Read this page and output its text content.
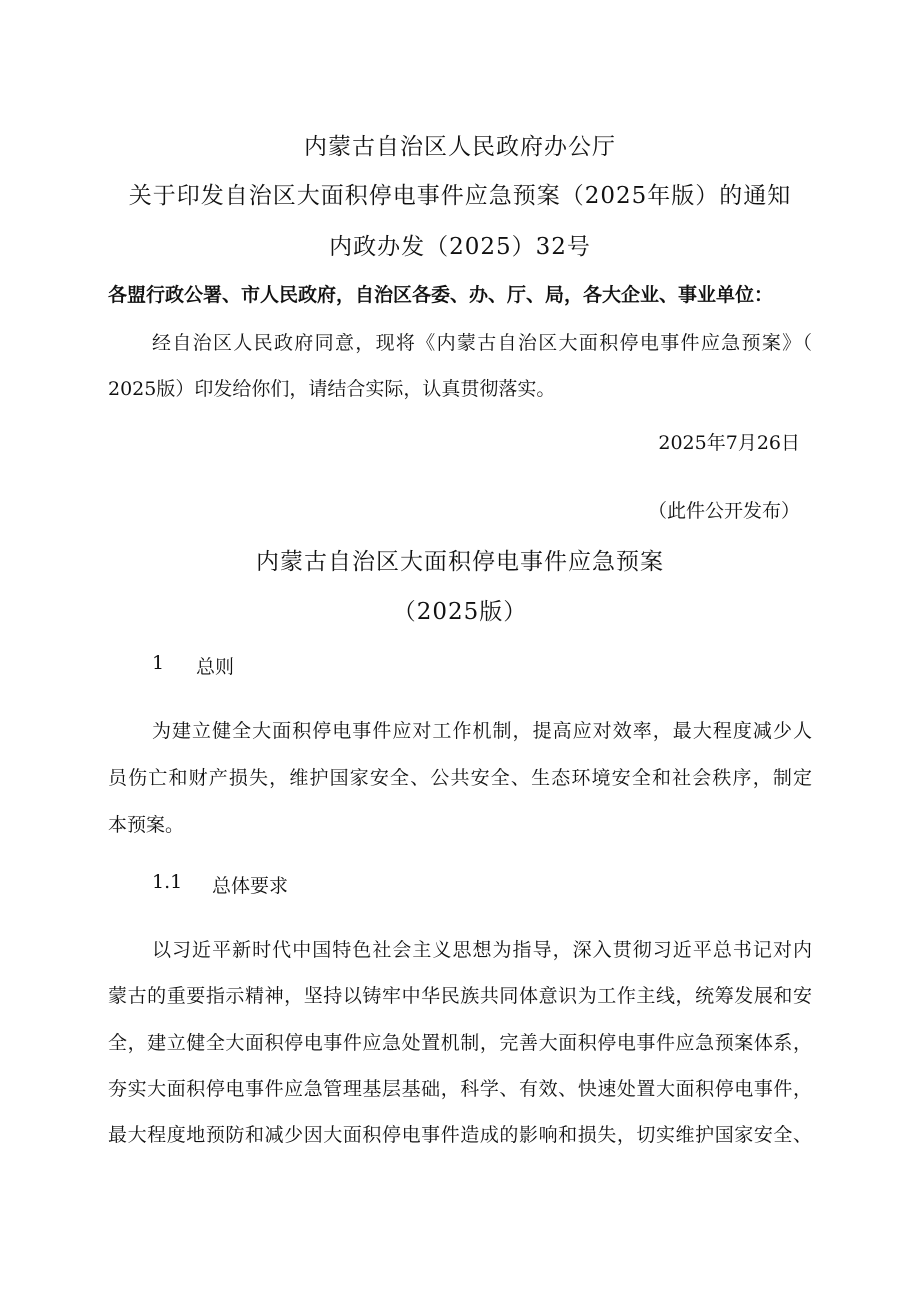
内蒙古自治区人民政府办公厅
关于印发自治区大面积停电事件应急预案（2025年版）的通知
内政办发（2025）32号
各盟行政公署、市人民政府，自治区各委、办、厅、局，各大企业、事业单位：
经自治区人民政府同意，现将《内蒙古自治区大面积停电事件应急预案》（
2025版）印发给你们，请结合实际，认真贯彻落实。
2025年7月26日
（此件公开发布）
内蒙古自治区大面积停电事件应急预案
（2025版）
1 总则
为建立健全大面积停电事件应对工作机制，提高应对效率，最大程度减少人
员伤亡和财产损失，维护国家安全、公共安全、生态环境安全和社会秩序，制定
本预案。
1.1 总体要求
以习近平新时代中国特色社会主义思想为指导，深入贯彻习近平总书记对内
蒙古的重要指示精神，坚持以铸牢中华民族共同体意识为工作主线，统筹发展和安
全，建立健全大面积停电事件应急处置机制，完善大面积停电事件应急预案体系，
夯实大面积停电事件应急管理基层基础，科学、有效、快速处置大面积停电事件，
最大程度地预防和减少因大面积停电事件造成的影响和损失，切实维护国家安全、
